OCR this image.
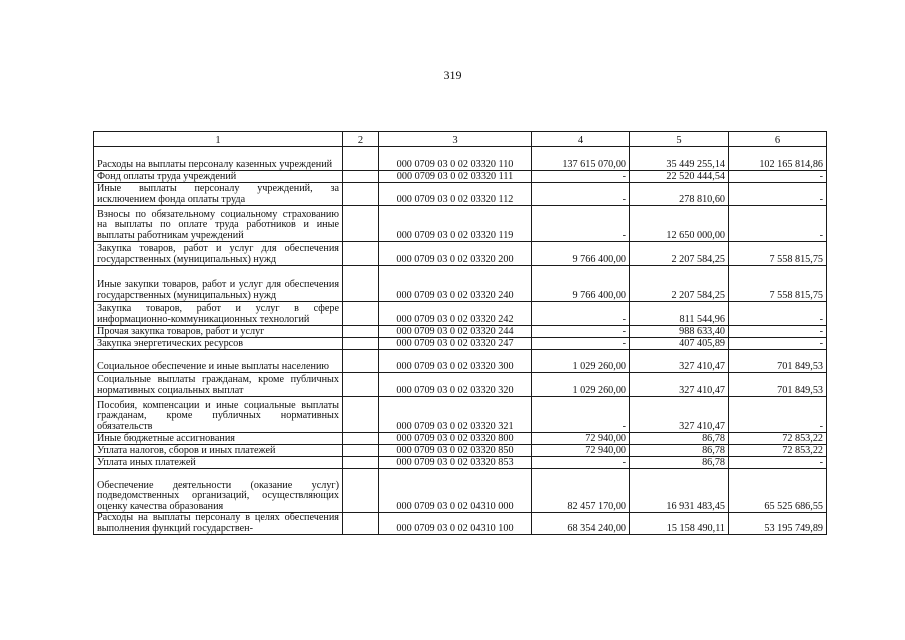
319
1	2	3	4	5	6
Расходы на выплаты персоналу казенных учреждений		000 0709 03 0 02 03320 110	137 615 070,00	35 449 255,14	102 165 814,86
Фонд оплаты труда учреждений		000 0709 03 0 02 03320 111	-	22 520 444,54	-
Иные выплаты персоналу учреждений, за исключением фонда оплаты труда		000 0709 03 0 02 03320 112	-	278 810,60	-
Взносы по обязательному социальному страхованию на выплаты по оплате труда работников и иные выплаты работникам учреждений		000 0709 03 0 02 03320 119	-	12 650 000,00	-
Закупка товаров, работ и услуг для обеспечения государственных (муниципальных) нужд		000 0709 03 0 02 03320 200	9 766 400,00	2 207 584,25	7 558 815,75
Иные закупки товаров, работ и услуг для обеспечения государственных (муниципальных) нужд		000 0709 03 0 02 03320 240	9 766 400,00	2 207 584,25	7 558 815,75
Закупка товаров, работ и услуг в сфере информационно-коммуникационных технологий		000 0709 03 0 02 03320 242	-	811 544,96	-
Прочая закупка товаров, работ и услуг		000 0709 03 0 02 03320 244	-	988 633,40	-
Закупка энергетических ресурсов		000 0709 03 0 02 03320 247	-	407 405,89	-
Социальное обеспечение и иные выплаты населению		000 0709 03 0 02 03320 300	1 029 260,00	327 410,47	701 849,53
Социальные выплаты гражданам, кроме публичных нормативных социальных выплат		000 0709 03 0 02 03320 320	1 029 260,00	327 410,47	701 849,53
Пособия, компенсации и иные социальные выплаты гражданам, кроме публичных нормативных обязательств		000 0709 03 0 02 03320 321	-	327 410,47	-
Иные бюджетные ассигнования		000 0709 03 0 02 03320 800	72 940,00	86,78	72 853,22
Уплата налогов, сборов и иных платежей		000 0709 03 0 02 03320 850	72 940,00	86,78	72 853,22
Уплата иных платежей		000 0709 03 0 02 03320 853	-	86,78	-
Обеспечение деятельности (оказание услуг) подведомственных организаций, осуществляющих оценку качества образования		000 0709 03 0 02 04310 000	82 457 170,00	16 931 483,45	65 525 686,55
Расходы на выплаты персоналу в целях обеспечения выполнения функций государствен-		000 0709 03 0 02 04310 100	68 354 240,00	15 158 490,11	53 195 749,89
